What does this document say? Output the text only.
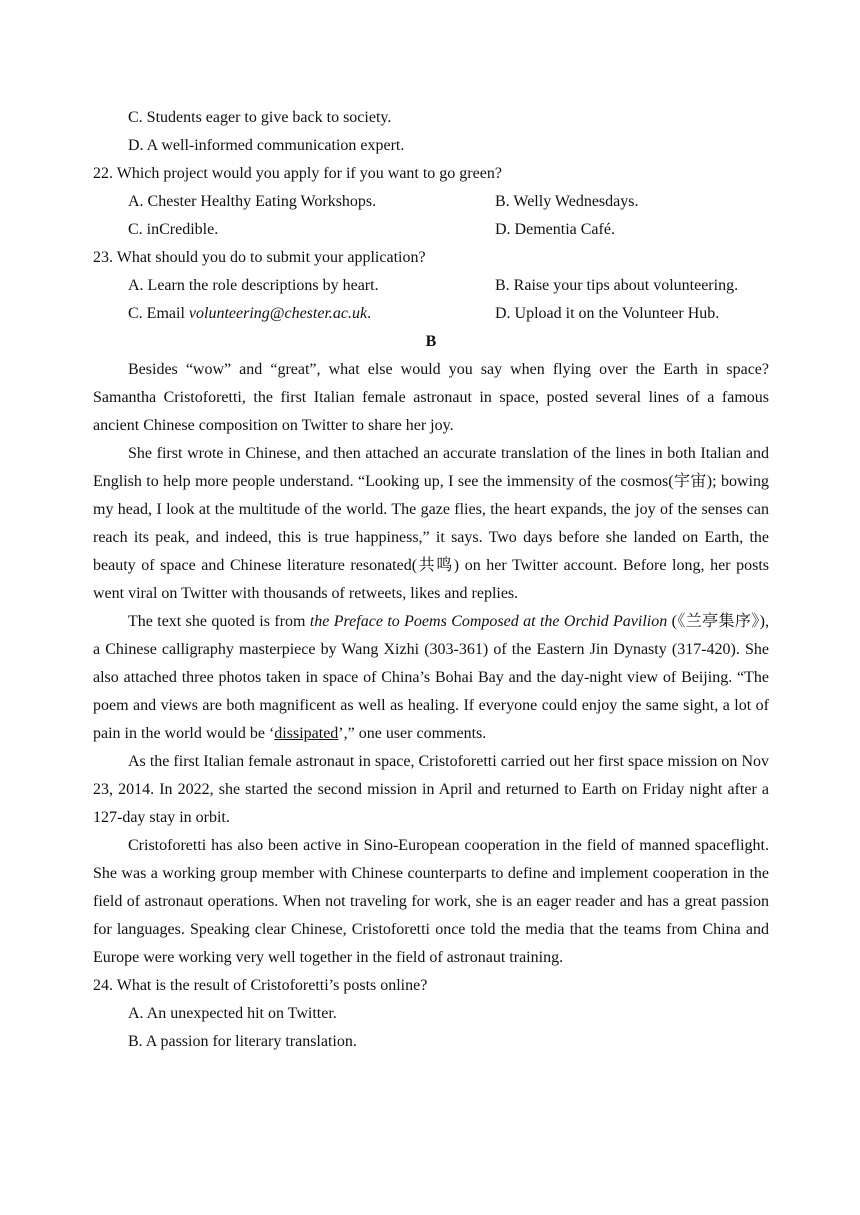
C. Students eager to give back to society.
D. A well-informed communication expert.
22. Which project would you apply for if you want to go green?
A. Chester Healthy Eating Workshops.	B. Welly Wednesdays.
C. inCredible.	D. Dementia Café.
23. What should you do to submit your application?
A. Learn the role descriptions by heart.	B. Raise your tips about volunteering.
C. Email volunteering@chester.ac.uk.	D. Upload it on the Volunteer Hub.
B

Besides “wow” and “great”, what else would you say when flying over the Earth in space? Samantha Cristoforetti, the first Italian female astronaut in space, posted several lines of a famous ancient Chinese composition on Twitter to share her joy.

She first wrote in Chinese, and then attached an accurate translation of the lines in both Italian and English to help more people understand. “Looking up, I see the immensity of the cosmos(宇宙); bowing my head, I look at the multitude of the world. The gaze flies, the heart expands, the joy of the senses can reach its peak, and indeed, this is true happiness,” it says. Two days before she landed on Earth, the beauty of space and Chinese literature resonated(共鸣) on her Twitter account. Before long, her posts went viral on Twitter with thousands of retweets, likes and replies.

The text she quoted is from the Preface to Poems Composed at the Orchid Pavilion (《兰亭集序》), a Chinese calligraphy masterpiece by Wang Xizhi (303-361) of the Eastern Jin Dynasty (317-420). She also attached three photos taken in space of China’s Bohai Bay and the day-night view of Beijing. “The poem and views are both magnificent as well as healing. If everyone could enjoy the same sight, a lot of pain in the world would be ‘dissipated’,” one user comments.

As the first Italian female astronaut in space, Cristoforetti carried out her first space mission on Nov 23, 2014. In 2022, she started the second mission in April and returned to Earth on Friday night after a 127-day stay in orbit.

Cristoforetti has also been active in Sino-European cooperation in the field of manned spaceflight. She was a working group member with Chinese counterparts to define and implement cooperation in the field of astronaut operations. When not traveling for work, she is an eager reader and has a great passion for languages. Speaking clear Chinese, Cristoforetti once told the media that the teams from China and Europe were working very well together in the field of astronaut training.

24. What is the result of Cristoforetti’s posts online?
A. An unexpected hit on Twitter.
B. A passion for literary translation.
